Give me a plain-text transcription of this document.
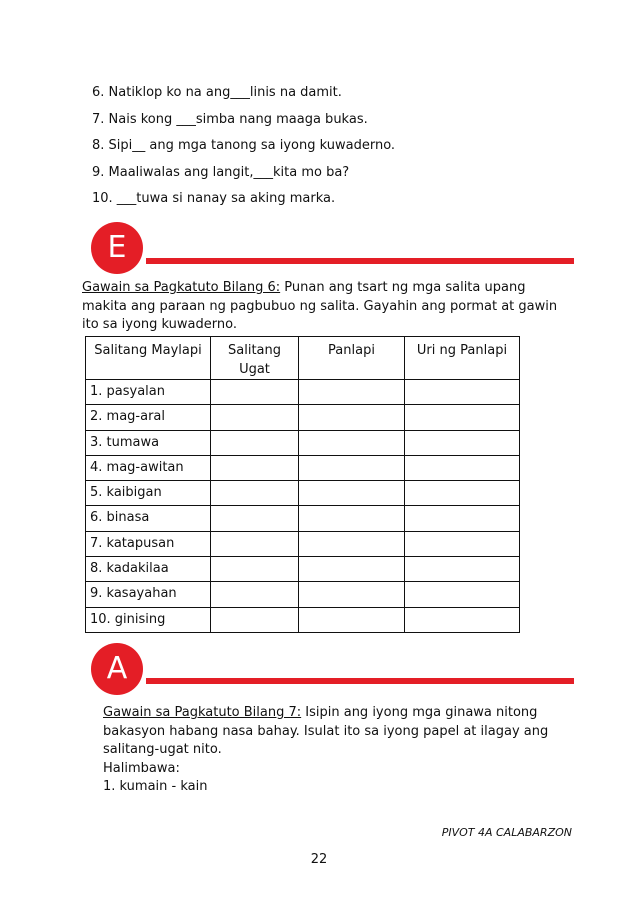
6. Natiklop ko na ang___linis na damit.
7. Nais kong ___simba nang maaga bukas.
8. Sipi__ ang mga tanong sa iyong kuwaderno.
9. Maaliwalas ang langit,___kita mo ba?
10. ___tuwa si nanay sa aking marka.
E
Gawain sa Pagkatuto Bilang 6: Punan ang tsart ng mga salita upang
makita ang paraan ng pagbubuo ng salita. Gayahin ang pormat at gawin
ito sa iyong kuwaderno.
Salitang Maylapi	Salitang Ugat	Panlapi	Uri ng Panlapi
1. pasyalan			
2. mag-aral			
3. tumawa			
4. mag-awitan			
5. kaibigan			
6. binasa			
7. katapusan			
8. kadakilaa			
9. kasayahan			
10. ginising			
A
Gawain sa Pagkatuto Bilang 7: Isipin ang iyong mga ginawa nitong
bakasyon habang nasa bahay. Isulat ito sa iyong papel at ilagay ang
salitang-ugat nito.
Halimbawa:
1. kumain - kain
PIVOT 4A CALABARZON
22
